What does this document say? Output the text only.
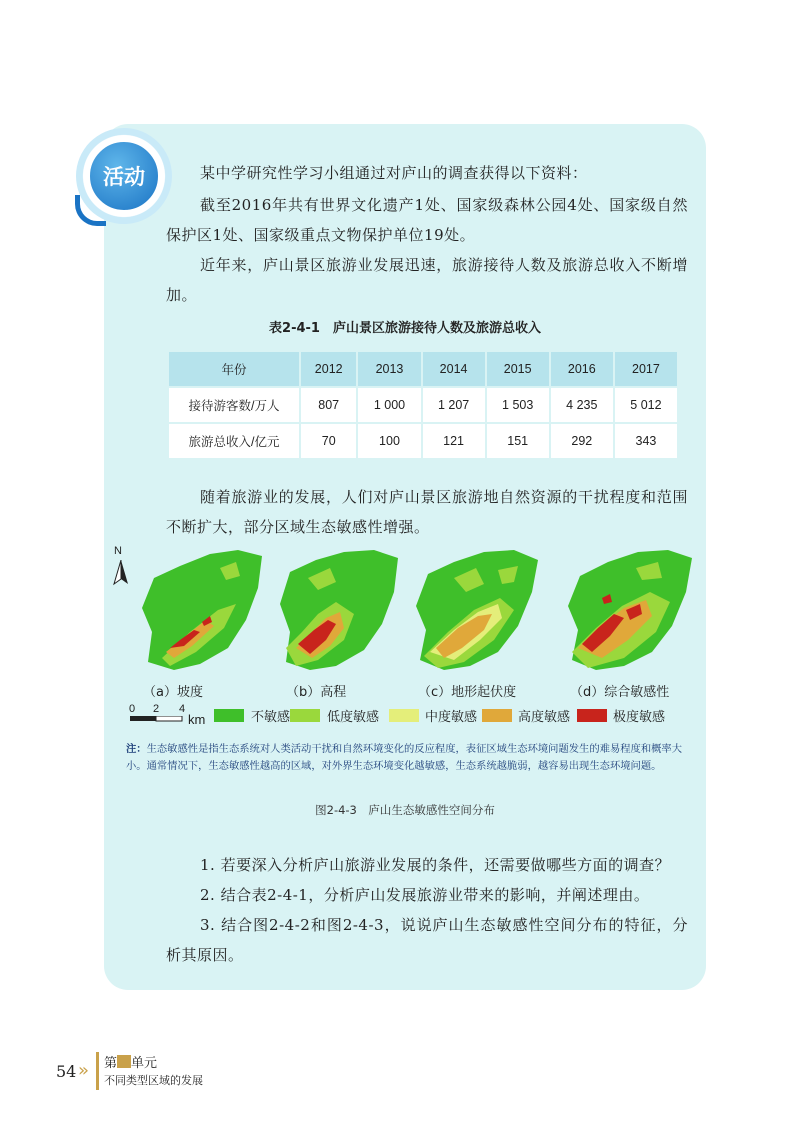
活动	某中学研究性学习小组通过对庐山的调查获得以下资料：

截至2016年共有世界文化遗产1处、国家级森林公园4处、国家级自然保护区1处、国家级重点文物保护单位19处。

近年来，庐山景区旅游业发展迅速，旅游接待人数及旅游总收入不断增加。

表2-4-1　庐山景区旅游接待人数及旅游总收入
年份	2012	2013	2014	2015	2016	2017
接待游客数/万人	807	1 000	1 207	1 503	4 235	5 012
旅游总收入/亿元	70	100	121	151	292	343

随着旅游业的发展，人们对庐山景区旅游地自然资源的干扰程度和范围不断扩大，部分区域生态敏感性增强。

N
（a）坡度	（b）高程	（c）地形起伏度	（d）综合敏感性
0 2 4
km	不敏感	低度敏感	中度敏感	高度敏感	极度敏感

注：生态敏感性是指生态系统对人类活动干扰和自然环境变化的反应程度，表征区域生态环境问题发生的难易程度和概率大小。通常情况下，生态敏感性越高的区域，对外界生态环境变化越敏感，生态系统越脆弱，越容易出现生态环境问题。

图2-4-3　庐山生态敏感性空间分布

1. 若要深入分析庐山旅游业发展的条件，还需要做哪些方面的调查？

2. 结合表2-4-1，分析庐山发展旅游业带来的影响，并阐述理由。

3. 结合图2-4-2和图2-4-3，说说庐山生态敏感性空间分布的特征，分析其原因。

54 » 第 单元
不同类型区域的发展
